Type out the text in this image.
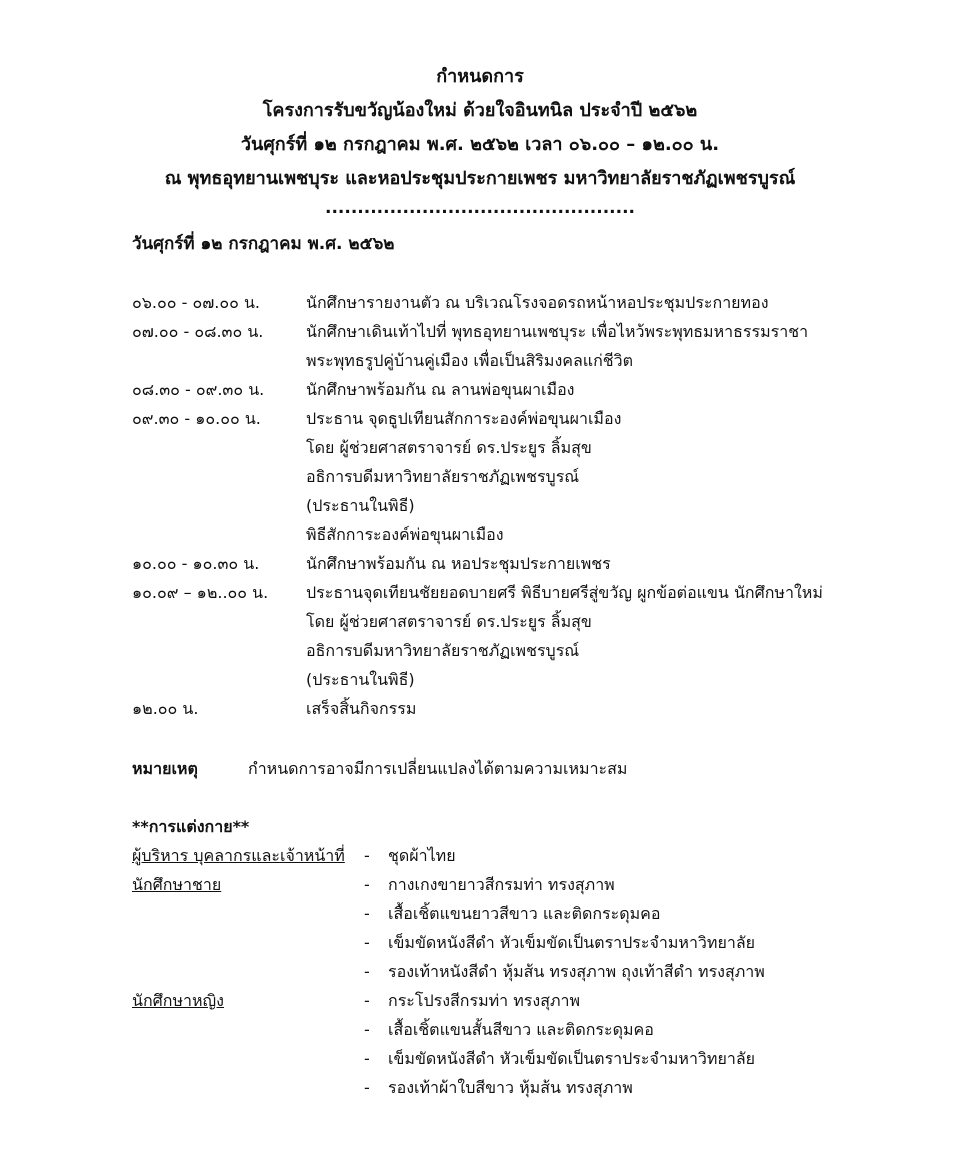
กำหนดการ
โครงการรับขวัญน้องใหม่ ด้วยใจอินทนิล ประจำปี ๒๕๖๒
วันศุกร์ที่ ๑๒ กรกฎาคม พ.ศ. ๒๕๖๒ เวลา ๐๖.๐๐ – ๑๒.๐๐ น.
ณ พุทธอุทยานเพชบุระ และหอประชุมประกายเพชร มหาวิทยาลัยราชภัฏเพชรบูรณ์
................................................
วันศุกร์ที่ ๑๒ กรกฎาคม พ.ศ. ๒๕๖๒
๐๖.๐๐ - ๐๗.๐๐ น.	นักศึกษารายงานตัว ณ บริเวณโรงจอดรถหน้าหอประชุมประกายทอง
๐๗.๐๐ - ๐๘.๓๐ น.	นักศึกษาเดินเท้าไปที่ พุทธอุทยานเพชบุระ เพื่อไหว้พระพุทธมหาธรรมราชา
พระพุทธรูปคู่บ้านคู่เมือง เพื่อเป็นสิริมงคลแก่ชีวิต
๐๘.๓๐ - ๐๙.๓๐ น.	นักศึกษาพร้อมกัน ณ ลานพ่อขุนผาเมือง
๐๙.๓๐ - ๑๐.๐๐ น.	ประธาน จุดธูปเทียนสักการะองค์พ่อขุนผาเมือง
โดย ผู้ช่วยศาสตราจารย์ ดร.ประยูร ลิ้มสุข
อธิการบดีมหาวิทยาลัยราชภัฏเพชรบูรณ์
(ประธานในพิธี)
พิธีสักการะองค์พ่อขุนผาเมือง
๑๐.๐๐ - ๑๐.๓๐ น.	นักศึกษาพร้อมกัน ณ หอประชุมประกายเพชร
๑๐.๐๙ – ๑๒..๐๐ น. ประธานจุดเทียนชัยยอดบายศรี พิธีบายศรีสู่ขวัญ ผูกข้อต่อแขน นักศึกษาใหม่
โดย ผู้ช่วยศาสตราจารย์ ดร.ประยูร ลิ้มสุข
อธิการบดีมหาวิทยาลัยราชภัฏเพชรบูรณ์
(ประธานในพิธี)
๑๒.๐๐ น.	เสร็จสิ้นกิจกรรม
หมายเหตุ	กำหนดการอาจมีการเปลี่ยนแปลงได้ตามความเหมาะสม
**การแต่งกาย**
ผู้บริหาร บุคลากรและเจ้าหน้าที่ - ชุดผ้าไทย
นักศึกษาชาย	- กางเกงขายาวสีกรมท่า ทรงสุภาพ
- เสื้อเชิ้ตแขนยาวสีขาว และติดกระดุมคอ
- เข็มขัดหนังสีดำ หัวเข็มขัดเป็นตราประจำมหาวิทยาลัย
- รองเท้าหนังสีดำ หุ้มส้น ทรงสุภาพ ถุงเท้าสีดำ ทรงสุภาพ
นักศึกษาหญิง	- กระโปรงสีกรมท่า ทรงสุภาพ
- เสื้อเชิ้ตแขนสั้นสีขาว และติดกระดุมคอ
- เข็มขัดหนังสีดำ หัวเข็มขัดเป็นตราประจำมหาวิทยาลัย
- รองเท้าผ้าใบสีขาว หุ้มส้น ทรงสุภาพ
